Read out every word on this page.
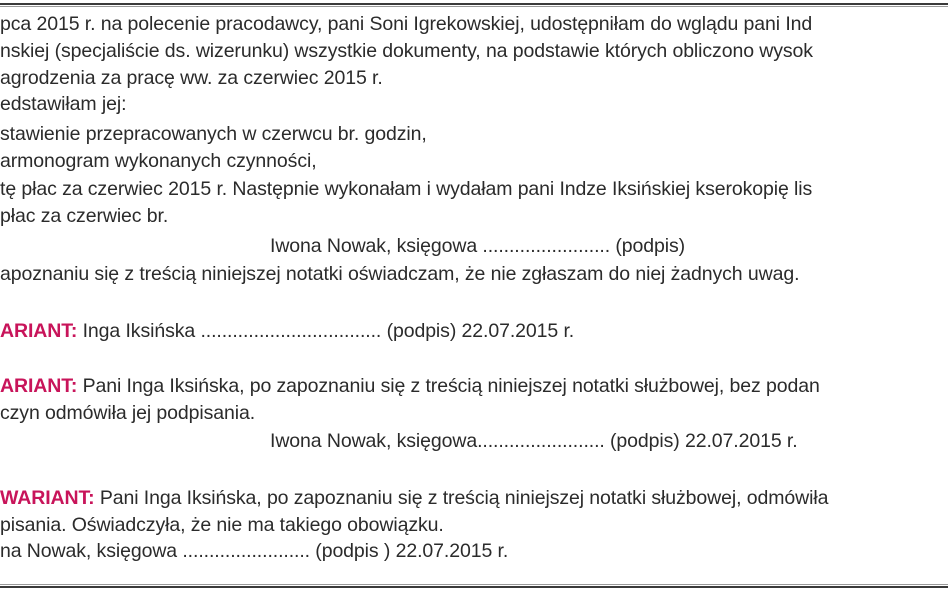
pca 2015 r. na polecenie pracodawcy, pani Soni Igrekowskiej, udostępniłam do wglądu pani Ind
nskiej (specjaliście ds. wizerunku) wszystkie dokumenty, na podstawie których obliczono wysok
agrodzenia za pracę ww. za czerwiec 2015 r.
edstawiłam jej:
stawienie przepracowanych w czerwcu br. godzin,
armonogram wykonanych czynności,
tę płac za czerwiec 2015 r. Następnie wykonałam i wydałam pani Indze Iksińskiej kserokopię lis
płac za czerwiec br.
Iwona Nowak, księgowa ........................ (podpis)
apoznaniu się z treścią niniejszej notatki oświadczam, że nie zgłaszam do niej żadnych uwag.
ARIANT: Inga Iksińska .................................. (podpis) 22.07.2015 r.
ARIANT: Pani Inga Iksińska, po zapoznaniu się z treścią niniejszej notatki służbowej, bez podan
czyn odmówiła jej podpisania.
Iwona Nowak, księgowa........................ (podpis) 22.07.2015 r.
WARIANT: Pani Inga Iksińska, po zapoznaniu się z treścią niniejszej notatki służbowej, odmówiła
pisania. Oświadczyła, że nie ma takiego obowiązku.
na Nowak, księgowa ........................ (podpis ) 22.07.2015 r.
